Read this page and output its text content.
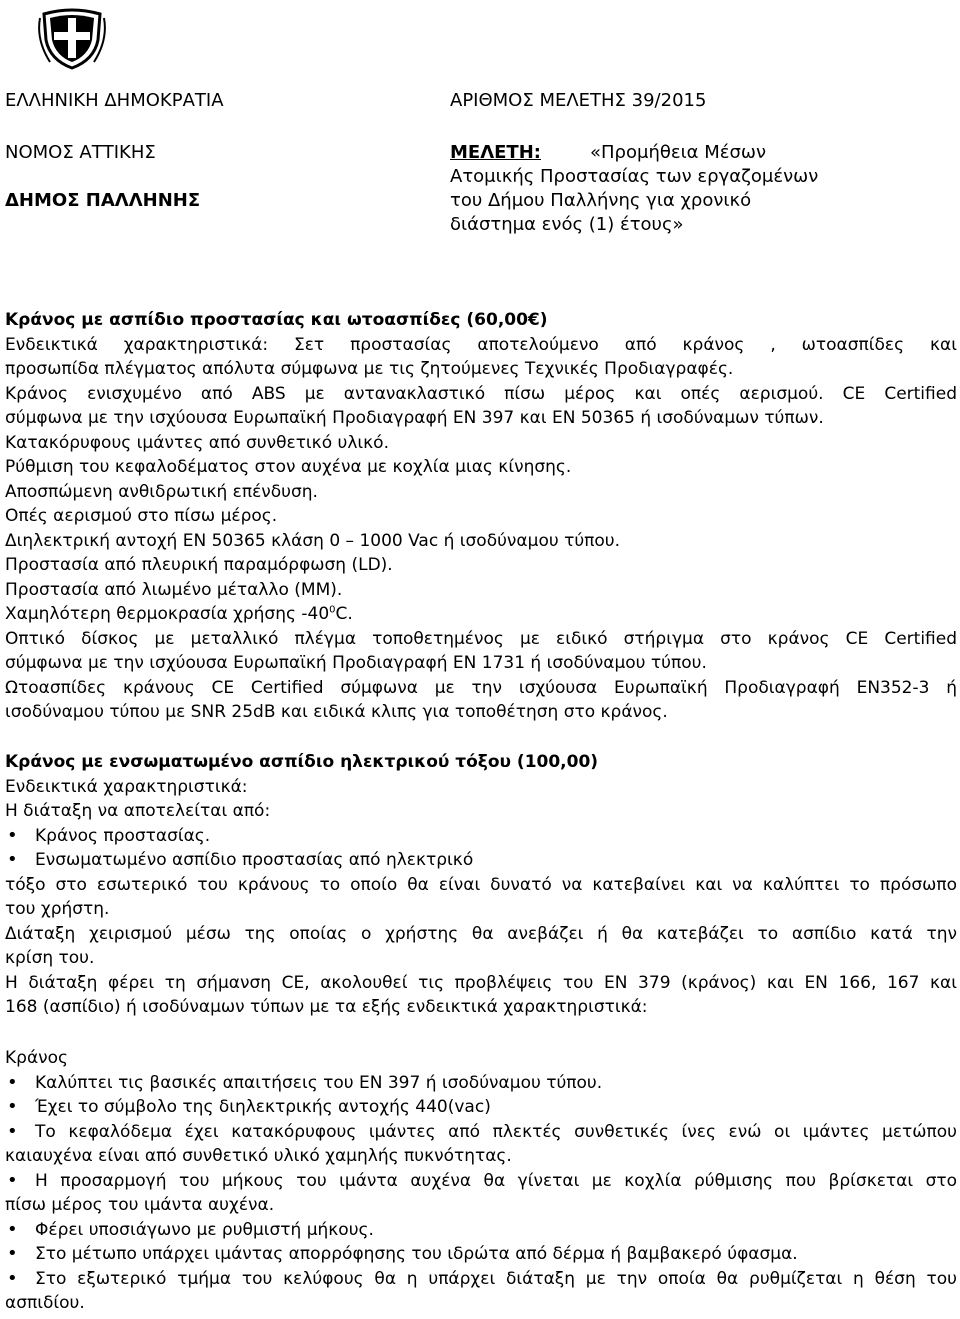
ΕΛΛΗΝΙΚΗ ΔΗΜΟΚΡΑΤΙΑ	ΑΡΙΘΜΟΣ ΜΕΛΕΤΗΣ 39/2015
ΝΟΜΟΣ ΑΤΤΙΚΗΣ	ΜΕΛΕΤΗ:	«Προμήθεια Μέσων
ΔΗΜΟΣ ΠΑΛΛΗΝΗΣ
Ατομικής Προστασίας των εργαζομένων
του Δήμου Παλλήνης για χρονικό
διάστημα ενός (1) έτους»

Κράνος με ασπίδιο προστασίας και ωτοασπίδες (60,00€)

Ενδεικτικά χαρακτηριστικά: Σετ προστασίας αποτελούμενο από κράνος , ωτοασπίδες και

προσωπίδα πλέγματος απόλυτα σύμφωνα με τις ζητούμενες Τεχνικές Προδιαγραφές.

Κράνος ενισχυμένο από ABS με αντανακλαστικό πίσω μέρος και οπές αερισμού. CE Certified

σύμφωνα με την ισχύουσα Ευρωπαϊκή Προδιαγραφή EN 397 και EN 50365 ή ισοδύναμων τύπων.

Κατακόρυφους ιμάντες από συνθετικό υλικό.

Ρύθμιση του κεφαλοδέματος στον αυχένα με κοχλία μιας κίνησης.

Αποσπώμενη ανθιδρωτική επένδυση.

Οπές αερισμού στο πίσω μέρος.

Διηλεκτρική αντοχή EN 50365 κλάση 0 – 1000 Vac ή ισοδύναμου τύπου.

Προστασία από πλευρική παραμόρφωση (LD).

Προστασία από λιωμένο μέταλλο (MM).

Χαμηλότερη θερμοκρασία χρήσης $-40^0C$.

Οπτικό δίσκος με μεταλλικό πλέγμα τοποθετημένος με ειδικό στήριγμα στο κράνος CE Certified

σύμφωνα με την ισχύουσα Ευρωπαϊκή Προδιαγραφή EN 1731 ή ισοδύναμου τύπου.

Ωτοασπίδες κράνους CE Certified σύμφωνα με την ισχύουσα Ευρωπαϊκή Προδιαγραφή EN352-3 ή

ισοδύναμου τύπου με SNR 25dB και ειδικά κλιπς για τοποθέτηση στο κράνος.

Κράνος με ενσωματωμένο ασπίδιο ηλεκτρικού τόξου (100,00)

Ενδεικτικά χαρακτηριστικά:

Η διάταξη να αποτελείται από:

• Κράνος προστασίας.

• Ενσωματωμένο ασπίδιο προστασίας από ηλεκτρικό

τόξο στο εσωτερικό του κράνους το οποίο θα είναι δυνατό να κατεβαίνει και να καλύπτει το πρόσωπο

του χρήστη.

Διάταξη χειρισμού μέσω της οποίας ο χρήστης θα ανεβάζει ή θα κατεβάζει το ασπίδιο κατά την

κρίση του.

Η διάταξη φέρει τη σήμανση CE, ακολουθεί τις προβλέψεις του EN 379 (κράνος) και EN 166, 167 και

168 (ασπίδιο) ή ισοδύναμων τύπων με τα εξής ενδεικτικά χαρακτηριστικά:

Κράνος

• Καλύπτει τις βασικές απαιτήσεις του EN 397 ή ισοδύναμου τύπου.

• Έχει το σύμβολο της διηλεκτρικής αντοχής 440(vac)

• Το κεφαλόδεμα έχει κατακόρυφους ιμάντες από πλεκτές συνθετικές ίνες ενώ οι ιμάντες μετώπου

καιαυχένα είναι από συνθετικό υλικό χαμηλής πυκνότητας.

• Η προσαρμογή του μήκους του ιμάντα αυχένα θα γίνεται με κοχλία ρύθμισης που βρίσκεται στο

πίσω μέρος του ιμάντα αυχένα.

• Φέρει υποσιάγωνο με ρυθμιστή μήκους.

• Στο μέτωπο υπάρχει ιμάντας απορρόφησης του ιδρώτα από δέρμα ή βαμβακερό ύφασμα.

• Στο εξωτερικό τμήμα του κελύφους θα η υπάρχει διάταξη με την οποία θα ρυθμίζεται η θέση του

ασπιδίου.
